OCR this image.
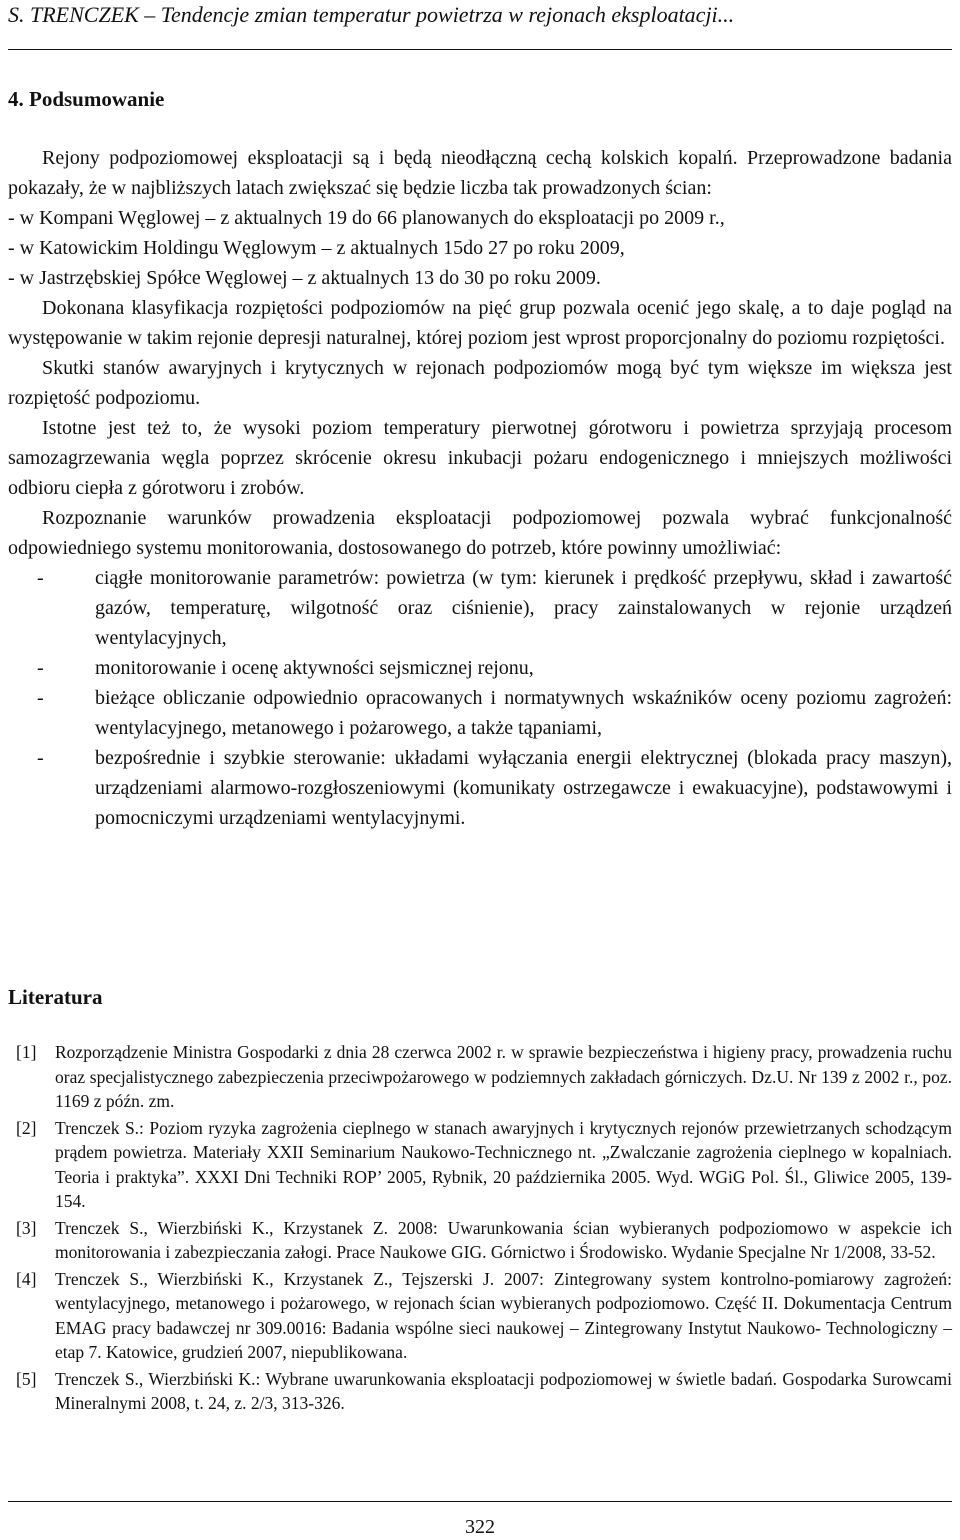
S. TRENCZEK – Tendencje zmian temperatur powietrza w rejonach eksploatacji...
4. Podsumowanie

Rejony podpoziomowej eksploatacji są i będą nieodłączną cechą kolskich kopalń. Przeprowadzone badania pokazały, że w najbliższych latach zwiększać się będzie liczba tak prowadzonych ścian:

- w Kompani Węglowej – z aktualnych 19 do 66 planowanych do eksploatacji po 2009 r.,
- w Katowickim Holdingu Węglowym – z aktualnych 15do 27 po roku 2009,
- w Jastrzębskiej Spółce Węglowej – z aktualnych 13 do 30 po roku 2009.

Dokonana klasyfikacja rozpiętości podpoziomów na pięć grup pozwala ocenić jego skalę, a to daje pogląd na występowanie w takim rejonie depresji naturalnej, której poziom jest wprost proporcjonalny do poziomu rozpiętości.

Skutki stanów awaryjnych i krytycznych w rejonach podpoziomów mogą być tym większe im większa jest rozpiętość podpoziomu.

Istotne jest też to, że wysoki poziom temperatury pierwotnej górotworu i powietrza sprzyjają procesom samozagrzewania węgla poprzez skrócenie okresu inkubacji pożaru endogenicznego i mniejszych możliwości odbioru ciepła z górotworu i zrobów.

Rozpoznanie warunków prowadzenia eksploatacji podpoziomowej pozwala wybrać funkcjonalność odpowiedniego systemu monitorowania, dostosowanego do potrzeb, które powinny umożliwiać:

-	ciągłe monitorowanie parametrów: powietrza (w tym: kierunek i prędkość przepływu, skład i zawartość gazów, temperaturę, wilgotność oraz ciśnienie), pracy zainstalowanych w rejonie urządzeń wentylacyjnych,
-	monitorowanie i ocenę aktywności sejsmicznej rejonu,
-	bieżące obliczanie odpowiednio opracowanych i normatywnych wskaźników oceny poziomu zagrożeń: wentylacyjnego, metanowego i pożarowego, a także tąpaniami,
-	bezpośrednie i szybkie sterowanie: układami wyłączania energii elektrycznej (blokada pracy maszyn), urządzeniami alarmowo-rozgłoszeniowymi (komunikaty ostrzegawcze i ewakuacyjne), podstawowymi i pomocniczymi urządzeniami wentylacyjnymi.
Literatura
[1] Rozporządzenie Ministra Gospodarki z dnia 28 czerwca 2002 r. w sprawie bezpieczeństwa i higieny pracy, prowadzenia ruchu oraz specjalistycznego zabezpieczenia przeciwpożarowego w podziemnych zakładach górniczych. Dz.U. Nr 139 z 2002 r., poz. 1169 z późn. zm.
[2] Trenczek S.: Poziom ryzyka zagrożenia cieplnego w stanach awaryjnych i krytycznych rejonów przewietrzanych schodzącym prądem powietrza. Materiały XXII Seminarium Naukowo-Technicznego nt. „Zwalczanie zagrożenia cieplnego w kopalniach. Teoria i praktyka”. XXXI Dni Techniki ROP’ 2005, Rybnik, 20 października 2005. Wyd. WGiG Pol. Śl., Gliwice 2005, 139-154.
[3] Trenczek S., Wierzbiński K., Krzystanek Z. 2008: Uwarunkowania ścian wybieranych podpoziomowo w aspekcie ich monitorowania i zabezpieczania załogi. Prace Naukowe GIG. Górnictwo i Środowisko. Wydanie Specjalne Nr 1/2008, 33-52.
[4] Trenczek S., Wierzbiński K., Krzystanek Z., Tejszerski J. 2007: Zintegrowany system kontrolno-pomiarowy zagrożeń: wentylacyjnego, metanowego i pożarowego, w rejonach ścian wybieranych podpoziomowo. Część II. Dokumentacja Centrum EMAG pracy badawczej nr 309.0016: Badania wspólne sieci naukowej – Zintegrowany Instytut Naukowo- Technologiczny – etap 7. Katowice, grudzień 2007, niepublikowana.
[5] Trenczek S., Wierzbiński K.: Wybrane uwarunkowania eksploatacji podpoziomowej w świetle badań. Gospodarka Surowcami Mineralnymi 2008, t. 24, z. 2/3, 313-326.
322
